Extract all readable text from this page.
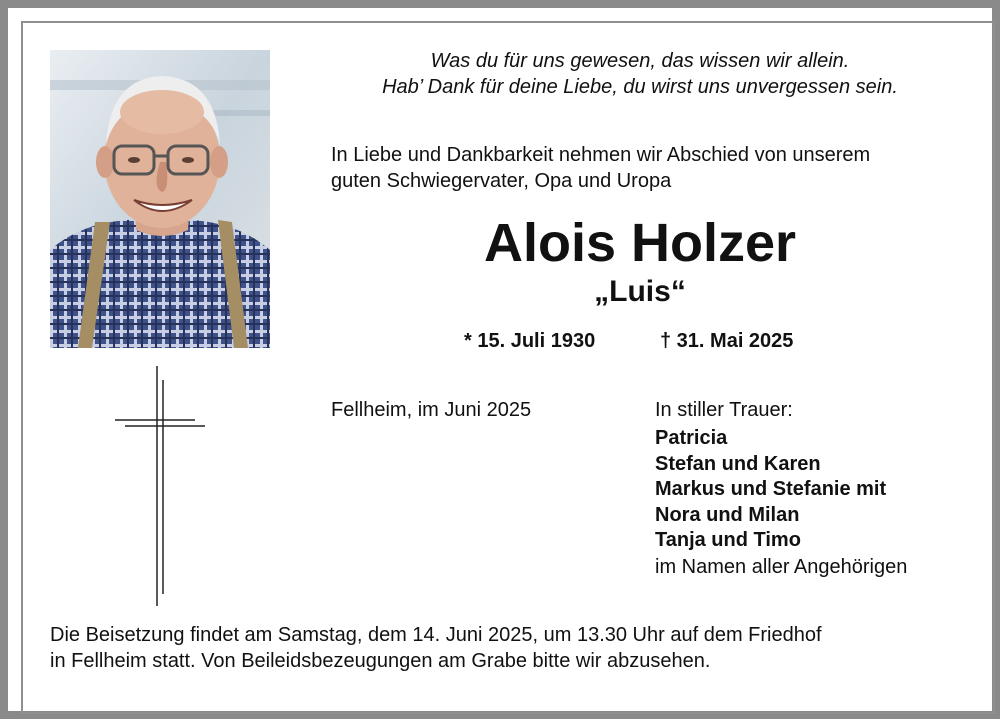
Was du für uns gewesen, das wissen wir allein.
Hab’ Dank für deine Liebe, du wirst uns unvergessen sein.
In Liebe und Dankbarkeit nehmen wir Abschied von unserem
guten Schwiegervater, Opa und Uropa
Alois Holzer
„Luis“
* 15. Juli 1930	† 31. Mai 2025
Fellheim, im Juni 2025	In stiller Trauer:
Patricia
Stefan und Karen
Markus und Stefanie mit
Nora und Milan
Tanja und Timo
im Namen aller Angehörigen
Die Beisetzung findet am Samstag, dem 14. Juni 2025, um 13.30 Uhr auf dem Friedhof
in Fellheim statt. Von Beileidsbezeugungen am Grabe bitte wir abzusehen.
